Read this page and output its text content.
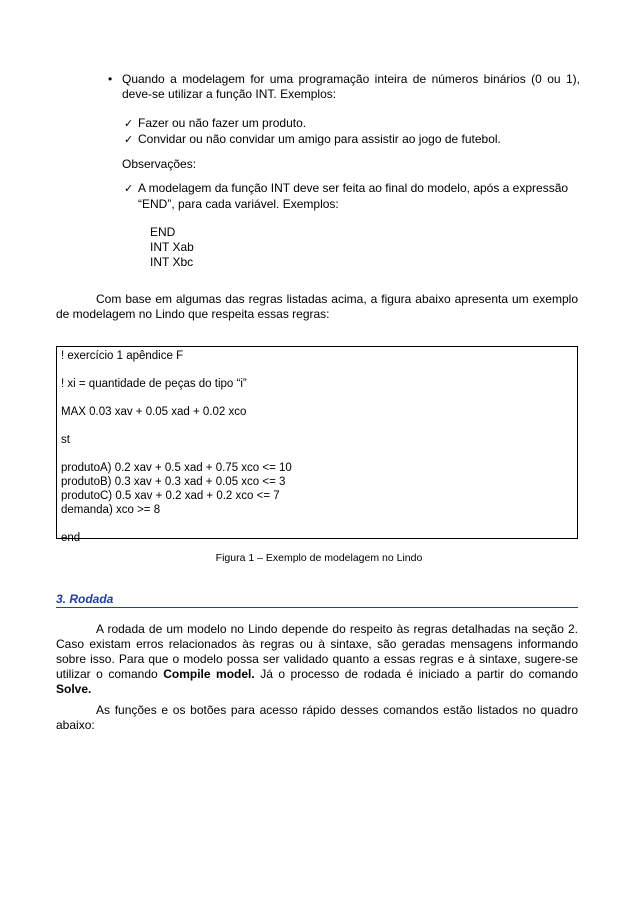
• Quando a modelagem for uma programação inteira de números binários (0 ou 1),
deve-se utilizar a função INT. Exemplos:
✓ Fazer ou não fazer um produto.
✓ Convidar ou não convidar um amigo para assistir ao jogo de futebol.
Observações:
✓ A modelagem da função INT deve ser feita ao final do modelo, após a expressão
“END”, para cada variável. Exemplos:
END
INT Xab
INT Xbc
Com base em algumas das regras listadas acima, a figura abaixo apresenta um exemplo
de modelagem no Lindo que respeita essas regras:
! exercício 1 apêndice F
! xi = quantidade de peças do tipo “i”
MAX 0.03 xav + 0.05 xad + 0.02 xco
st
produtoA) 0.2 xav + 0.5 xad + 0.75 xco <= 10
produtoB) 0.3 xav + 0.3 xad + 0.05 xco <= 3
produtoC) 0.5 xav + 0.2 xad + 0.2 xco <= 7
demanda) xco >= 8
end
Figura 1 – Exemplo de modelagem no Lindo
3. Rodada
A rodada de um modelo no Lindo depende do respeito às regras detalhadas na seção 2.
Caso existam erros relacionados às regras ou à sintaxe, são geradas mensagens informando
sobre isso. Para que o modelo possa ser validado quanto a essas regras e à sintaxe, sugere-se
utilizar o comando Compile model. Já o processo de rodada é iniciado a partir do comando
Solve.
As funções e os botões para acesso rápido desses comandos estão listados no quadro
abaixo:
